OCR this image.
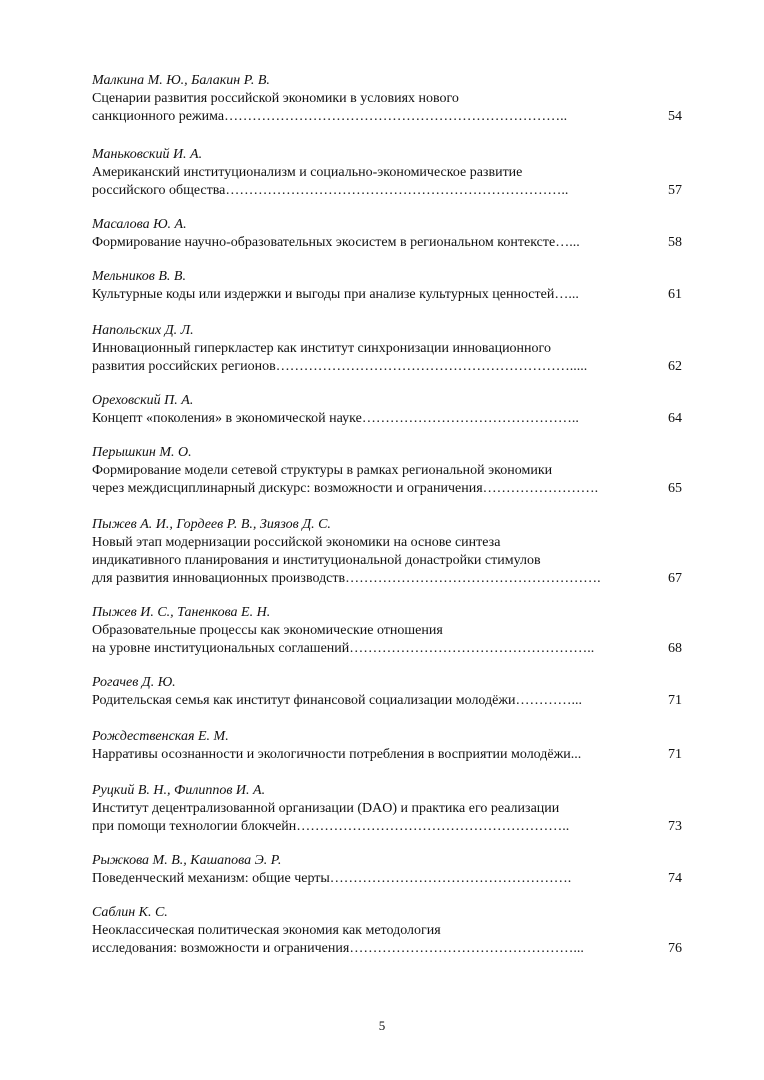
Малкина М. Ю., Балакин Р. В.
Сценарии развития российской экономики в условиях нового
санкционного режима………………………………………………………………..	54
Маньковский И. А.
Американский институционализм и социально-экономическое развитие
российского общества………………………………………………………………..	57
Масалова Ю. А.
Формирование научно-образовательных экосистем в региональном контексте…...	58
Мельников В. В.
Культурные коды или издержки и выгоды при анализе культурных ценностей…...	61
Напольских Д. Л.
Инновационный гиперкластер как институт синхронизации инновационного
развития российских регионов……………………………………………………….....	62
Ореховский П. А.
Концепт «поколения» в экономической науке………………………………………..	64
Перышкин М. О.
Формирование модели сетевой структуры в рамках региональной экономики
через междисциплинарный дискурс: возможности и ограничения…………………….	65
Пыжев А. И., Гордеев Р. В., Зиязов Д. С.
Новый этап модернизации российской экономики на основе синтеза
индикативного планирования и институциональной донастройки стимулов
для развития инновационных производств……………………………………………….	67
Пыжев И. С., Таненкова Е. Н.
Образовательные процессы как экономические отношения
на уровне институциональных соглашений……………………………………………..	68
Рогачев Д. Ю.
Родительская семья как институт финансовой социализации молодёжи…………...	71
Рождественская Е. М.
Нарративы осознанности и экологичности потребления в восприятии молодёжи...	71
Руцкий В. Н., Филиппов И. А.
Институт децентрализованной организации (DAO) и практика его реализации
при помощи технологии блокчейн…………………………………………………..	73
Рыжкова М. В., Кашапова Э. Р.
Поведенческий механизм: общие черты…………………………………………….	74
Саблин К. С.
Неоклассическая политическая экономия как методология
исследования: возможности и ограничения…………………………………………...	76
5
